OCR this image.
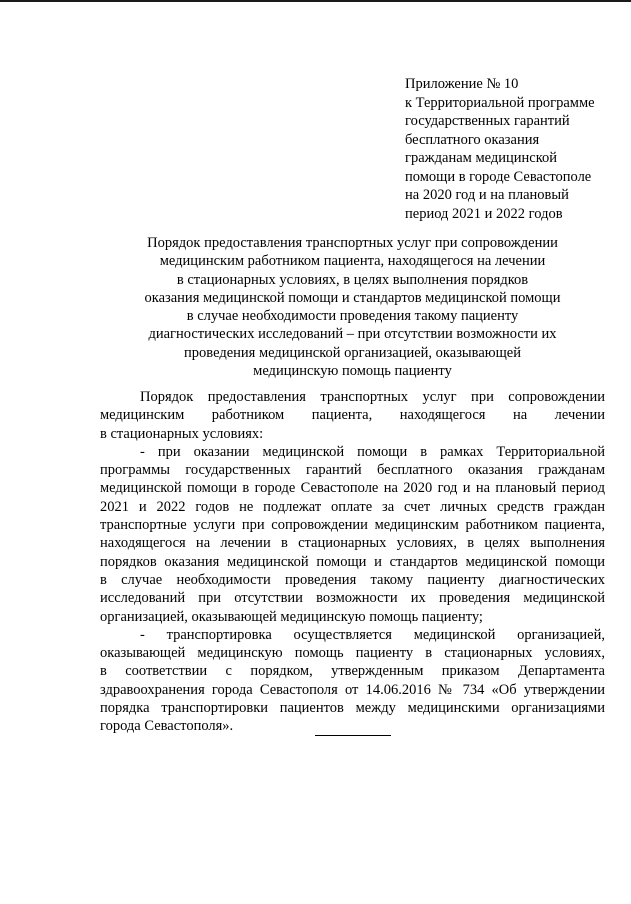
Приложение № 10
к Территориальной программе
государственных гарантий
бесплатного оказания
гражданам медицинской
помощи в городе Севастополе
на 2020 год и на плановый
период 2021 и 2022 годов
Порядок предоставления транспортных услуг при сопровождении
медицинским работником пациента, находящегося на лечении
в стационарных условиях, в целях выполнения порядков
оказания медицинской помощи и стандартов медицинской помощи
в случае необходимости проведения такому пациенту
диагностических исследований – при отсутствии возможности их
проведения медицинской организацией, оказывающей
медицинскую помощь пациенту
Порядок предоставления транспортных услуг при сопровождении
медицинским работником пациента, находящегося на лечении
в стационарных условиях:
- при оказании медицинской помощи в рамках Территориальной
программы государственных гарантий бесплатного оказания гражданам
медицинской помощи в городе Севастополе на 2020 год и на плановый период
2021 и 2022 годов не подлежат оплате за счет личных средств граждан
транспортные услуги при сопровождении медицинским работником пациента,
находящегося на лечении в стационарных условиях, в целях выполнения
порядков оказания медицинской помощи и стандартов медицинской помощи
в случае необходимости проведения такому пациенту диагностических
исследований при отсутствии возможности их проведения медицинской
организацией, оказывающей медицинскую помощь пациенту;
- транспортировка осуществляется медицинской организацией,
оказывающей медицинскую помощь пациенту в стационарных условиях,
в соответствии с порядком, утвержденным приказом Департамента
здравоохранения города Севастополя от 14.06.2016 № 734 «Об утверждении
порядка транспортировки пациентов между медицинскими организациями
города Севастополя».
